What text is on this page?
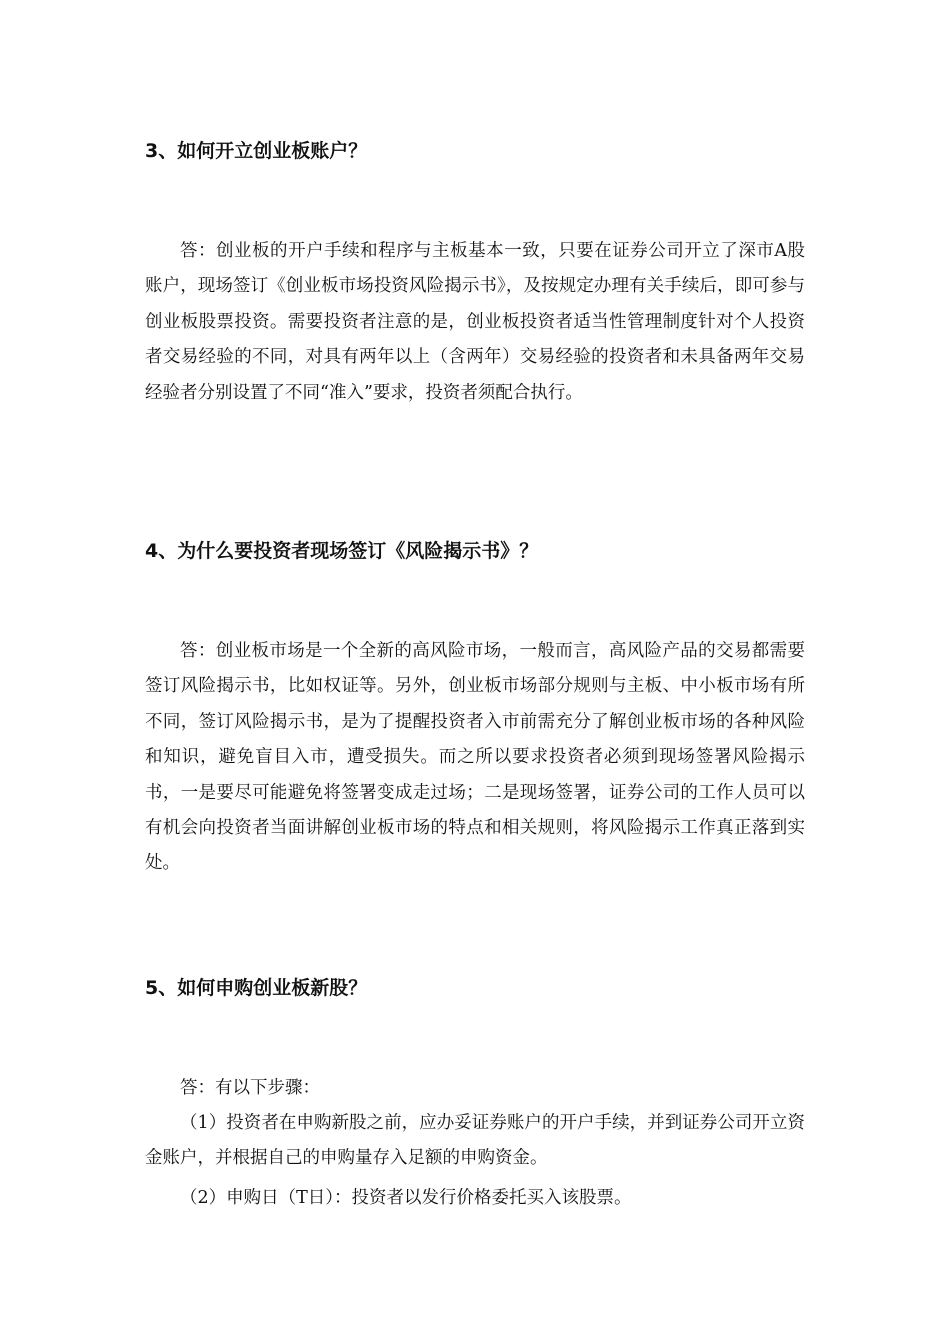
3、如何开立创业板账户？

答：创业板的开户手续和程序与主板基本一致，只要在证券公司开立了深市A股账户，现场签订《创业板市场投资风险揭示书》，及按规定办理有关手续后，即可参与创业板股票投资。需要投资者注意的是，创业板投资者适当性管理制度针对个人投资者交易经验的不同，对具有两年以上（含两年）交易经验的投资者和未具备两年交易经验者分别设置了不同“准入”要求，投资者须配合执行。

4、为什么要投资者现场签订《风险揭示书》？

答：创业板市场是一个全新的高风险市场，一般而言，高风险产品的交易都需要签订风险揭示书，比如权证等。另外，创业板市场部分规则与主板、中小板市场有所不同，签订风险揭示书，是为了提醒投资者入市前需充分了解创业板市场的各种风险和知识，避免盲目入市，遭受损失。而之所以要求投资者必须到现场签署风险揭示书，一是要尽可能避免将签署变成走过场；二是现场签署，证券公司的工作人员可以有机会向投资者当面讲解创业板市场的特点和相关规则，将风险揭示工作真正落到实处。

5、如何申购创业板新股？

答：有以下步骤：

（1）投资者在申购新股之前，应办妥证券账户的开户手续，并到证券公司开立资金账户，并根据自己的申购量存入足额的申购资金。

（2）申购日（T日）：投资者以发行价格委托买入该股票。
